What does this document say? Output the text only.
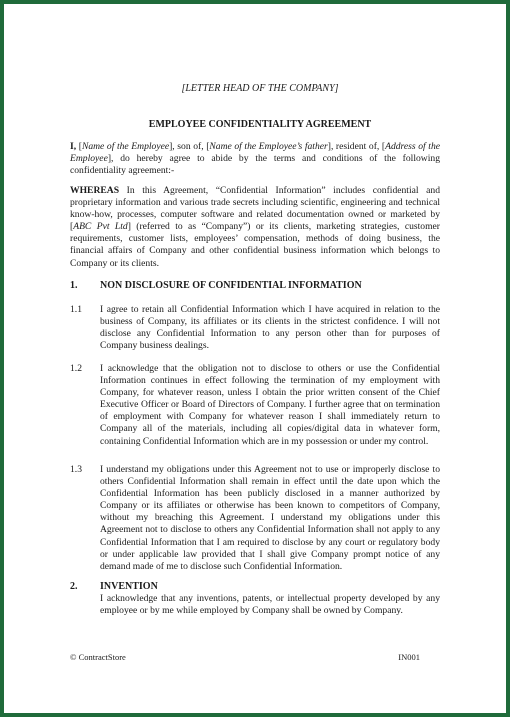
[LETTER HEAD OF THE COMPANY]
EMPLOYEE CONFIDENTIALITY AGREEMENT
I, [Name of the Employee], son of, [Name of the Employee’s father], resident of, [Address of the Employee], do hereby agree to abide by the terms and conditions of the following confidentiality agreement:-
WHEREAS In this Agreement, “Confidential Information” includes confidential and proprietary information and various trade secrets including scientific, engineering and technical know-how, processes, computer software and related documentation owned or marketed by [ABC Pvt Ltd] (referred to as “Company”) or its clients, marketing strategies, customer requirements, customer lists, employees’ compensation, methods of doing business, the financial affairs of Company and other confidential business information which belongs to Company or its clients.
1. NON DISCLOSURE OF CONFIDENTIAL INFORMATION
1.1	I agree to retain all Confidential Information which I have acquired in relation to the business of Company, its affiliates or its clients in the strictest confidence. I will not disclose any Confidential Information to any person other than for purposes of Company business dealings.
1.2	I acknowledge that the obligation not to disclose to others or use the Confidential Information continues in effect following the termination of my employment with Company, for whatever reason, unless I obtain the prior written consent of the Chief Executive Officer or Board of Directors of Company. I further agree that on termination of employment with Company for whatever reason I shall immediately return to Company all of the materials, including all copies/digital data in whatever form, containing Confidential Information which are in my possession or under my control.
1.3	I understand my obligations under this Agreement not to use or improperly disclose to others Confidential Information shall remain in effect until the date upon which the Confidential Information has been publicly disclosed in a manner authorized by Company or its affiliates or otherwise has been known to competitors of Company, without my breaching this Agreement. I understand my obligations under this Agreement not to disclose to others any Confidential Information shall not apply to any Confidential Information that I am required to disclose by any court or regulatory body or under applicable law provided that I shall give Company prompt notice of any demand made of me to disclose such Confidential Information.
2. INVENTION
I acknowledge that any inventions, patents, or intellectual property developed by any employee or by me while employed by Company shall be owned by Company.
© ContractStore	IN001
